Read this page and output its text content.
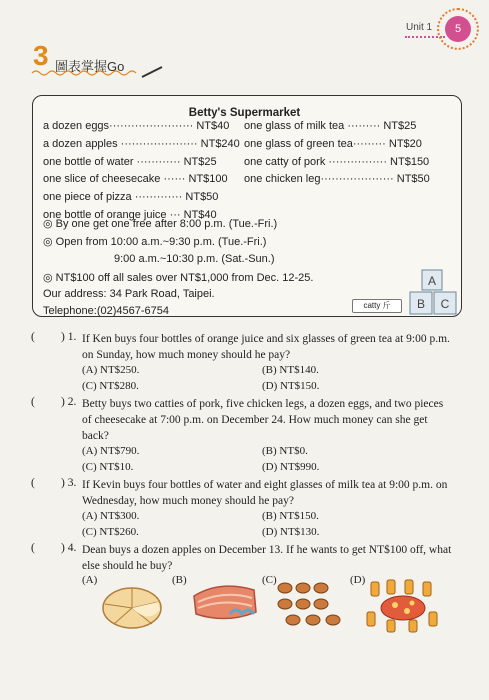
Unit 1	5
3 圖表掌握Go
Betty's Supermarket
a dozen eggs······················· NT$40
a dozen apples ····················· NT$240
one bottle of water ············ NT$25
one slice of cheesecake ······ NT$100
one piece of pizza ············· NT$50
one bottle of orange juice ··· NT$40
one glass of milk tea ········· NT$25
one glass of green tea········· NT$20
one catty of pork ················ NT$150
one chicken leg···················· NT$50
◎ By one get one free after 8:00 p.m. (Tue.-Fri.)
◎ Open from 10:00 a.m.~9:30 p.m. (Tue.-Fri.)
9:00 a.m.~10:30 p.m. (Sat.-Sun.)
◎ NT$100 off all sales over NT$1,000 from Dec. 12-25.
Our address: 34 Park Road, Taipei.
Telephone:(02)4567-6754	catty 斤
A
B C
( ) 1. If Ken buys four bottles of orange juice and six glasses of green tea at 9:00 p.m. on Sunday, how much money should he pay?
(A) NT$250.	(B) NT$140.
(C) NT$280.	(D) NT$150.
( ) 2. Betty buys two catties of pork, five chicken legs, a dozen eggs, and two pieces of cheesecake at 7:00 p.m. on December 24. How much money can she get back?
(A) NT$790.	(B) NT$0.
(C) NT$10.	(D) NT$990.
( ) 3. If Kevin buys four bottles of water and eight glasses of milk tea at 9:00 p.m. on Wednesday, how much money should he pay?
(A) NT$300.	(B) NT$150.
(C) NT$260.	(D) NT$130.
( ) 4. Dean buys a dozen apples on December 13. If he wants to get NT$100 off, what else should he buy?
(A)	(B)	(C)	(D)
